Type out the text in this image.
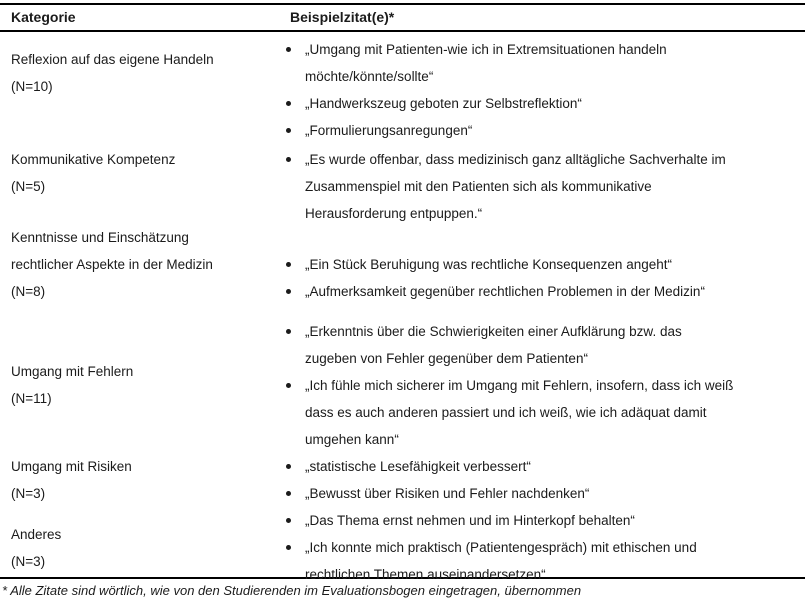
Kategorie	Beispielzitat(e)*
Reflexion auf das eigene Handeln
(N=10)
„Umgang mit Patienten-wie ich in Extremsituationen handeln
möchte/könnte/sollte“
„Handwerkszeug geboten zur Selbstreflektion“
„Formulierungsanregungen“
Kommunikative Kompetenz
(N=5)
„Es wurde offenbar, dass medizinisch ganz alltägliche Sachverhalte im
Zusammenspiel mit den Patienten sich als kommunikative
Herausforderung entpuppen.“
Kenntnisse und Einschätzung
rechtlicher Aspekte in der Medizin
(N=8)
„Ein Stück Beruhigung was rechtliche Konsequenzen angeht“
„Aufmerksamkeit gegenüber rechtlichen Problemen in der Medizin“
Umgang mit Fehlern
(N=11)
„Erkenntnis über die Schwierigkeiten einer Aufklärung bzw. das
zugeben von Fehler gegenüber dem Patienten“
„Ich fühle mich sicherer im Umgang mit Fehlern, insofern, dass ich weiß
dass es auch anderen passiert und ich weiß, wie ich adäquat damit
umgehen kann“
Umgang mit Risiken
(N=3)
„statistische Lesefähigkeit verbessert“
„Bewusst über Risiken und Fehler nachdenken“
Anderes
(N=3)
„Das Thema ernst nehmen und im Hinterkopf behalten“
„Ich konnte mich praktisch (Patientengespräch) mit ethischen und
rechtlichen Themen auseinandersetzen“
* Alle Zitate sind wörtlich, wie von den Studierenden im Evaluationsbogen eingetragen, übernommen
